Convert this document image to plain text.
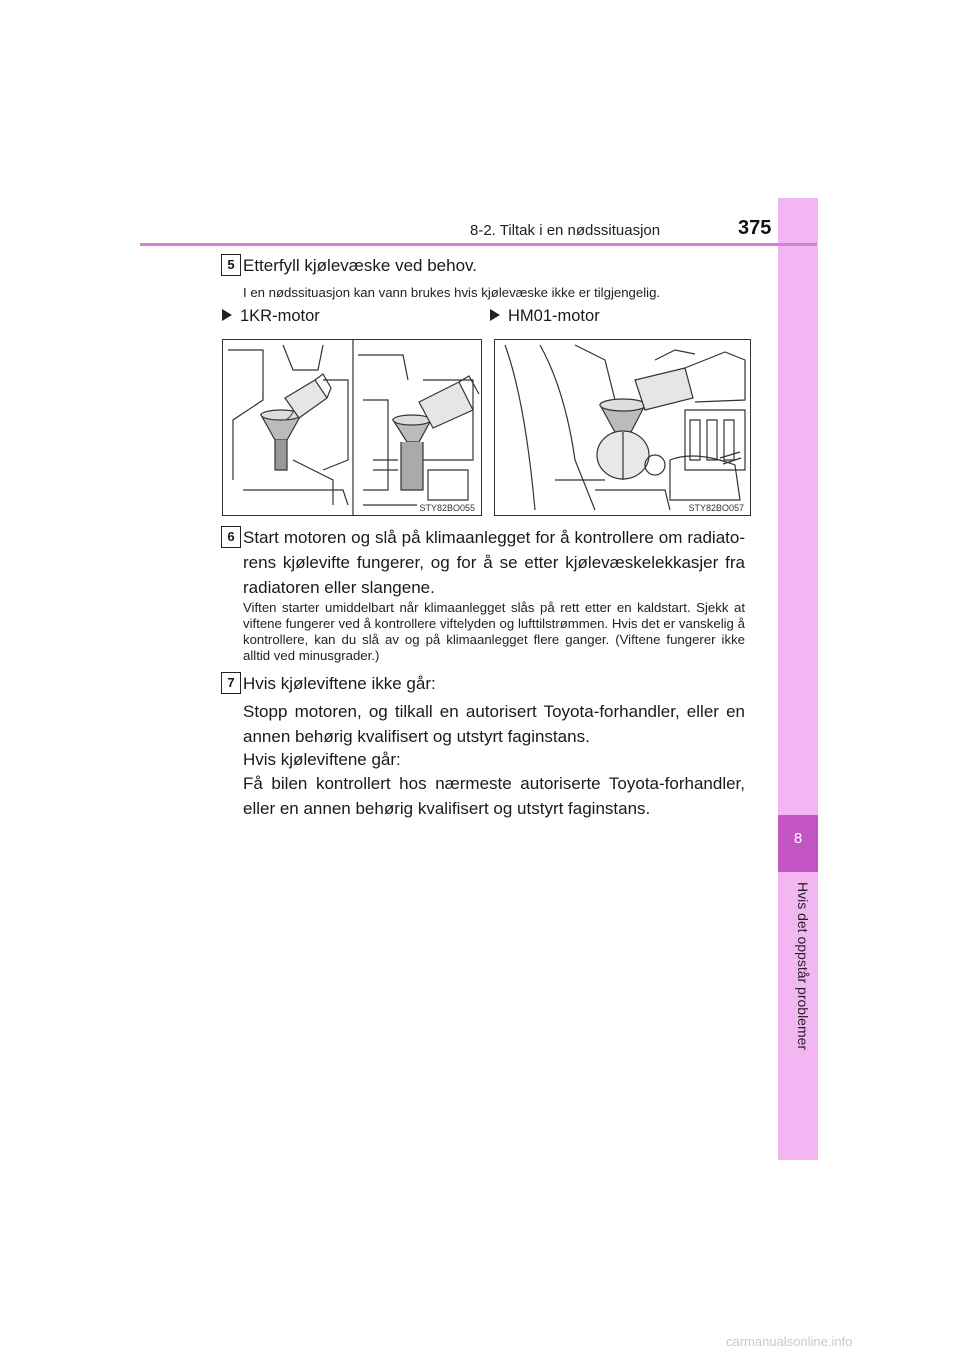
8
Hvis det oppstår problemer
8-2. Tiltak i en nødssituasjon	375
5 Etterfyll kjølevæske ved behov.
I en nødssituasjon kan vann brukes hvis kjølevæske ikke er tilgjengelig.
1KR-motor	HM01-motor
STY82BO055	STY82BO057
6 Start motoren og slå på klimaanlegget for å kontrollere om radiato-rens kjølevifte fungerer, og for å se etter kjølevæskelekkasjer fra radiatoren eller slangene.
Viften starter umiddelbart når klimaanlegget slås på rett etter en kaldstart. Sjekk at viftene fungerer ved å kontrollere viftelyden og lufttilstrømmen. Hvis det er vanskelig å kontrollere, kan du slå av og på klimaanlegget flere ganger. (Viftene fungerer ikke alltid ved minusgrader.)
7 Hvis kjøleviftene ikke går:
Stopp motoren, og tilkall en autorisert Toyota-forhandler, eller en annen behørig kvalifisert og utstyrt faginstans.
Hvis kjøleviftene går:
Få bilen kontrollert hos nærmeste autoriserte Toyota-forhandler, eller en annen behørig kvalifisert og utstyrt faginstans.
carmanualsonline.info
